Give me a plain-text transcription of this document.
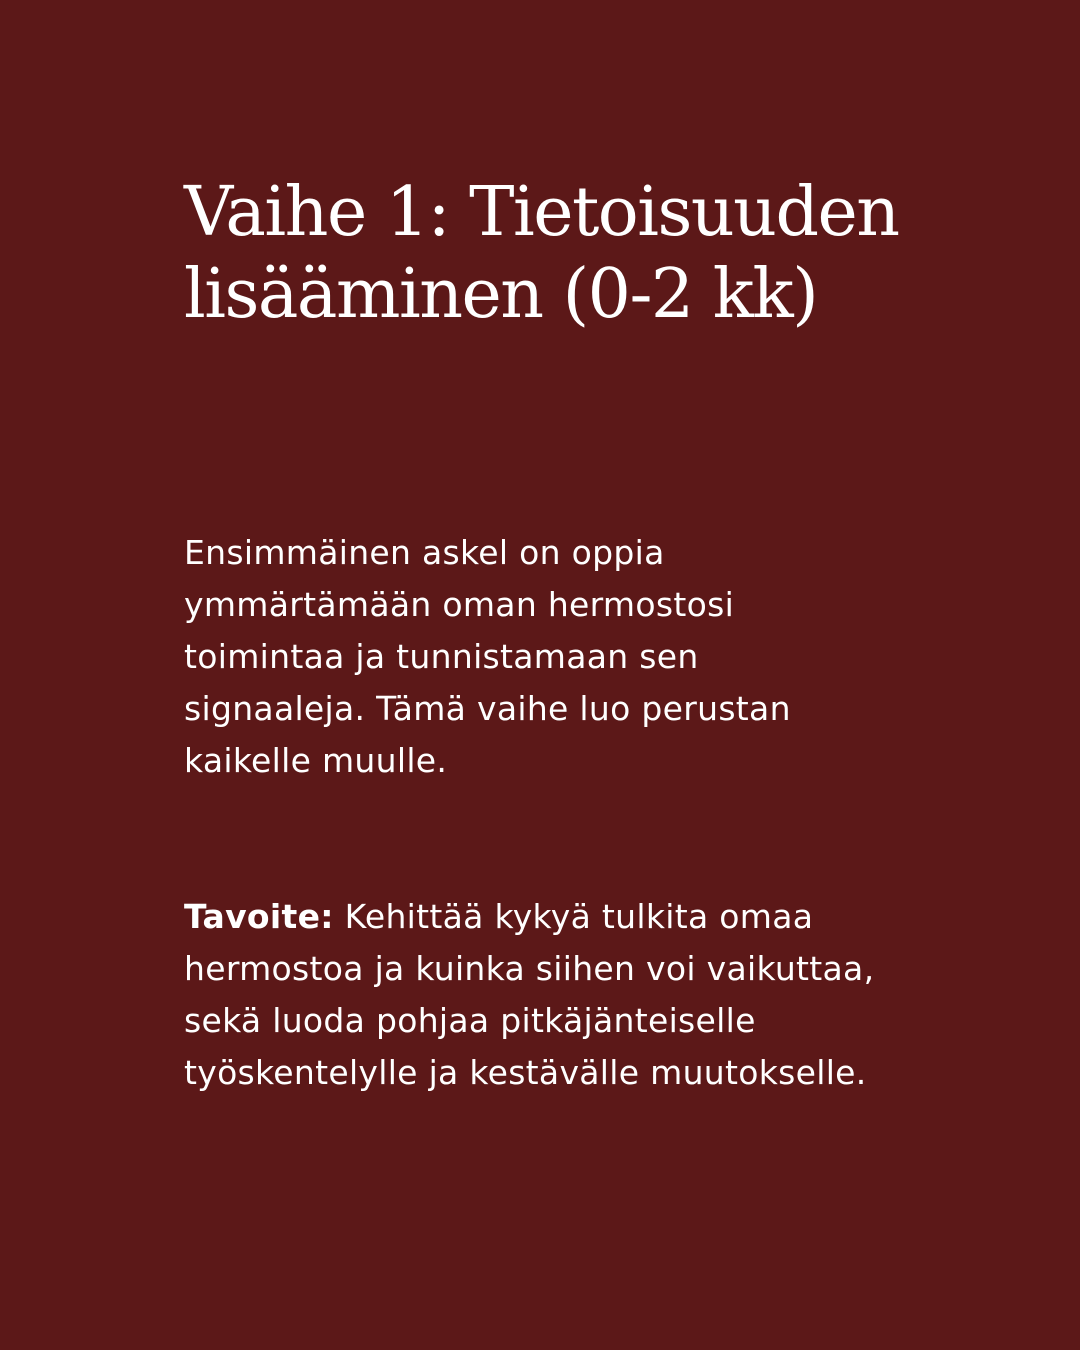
Vaihe 1: Tietoisuuden
lisääminen (0-2 kk)

Ensimmäinen askel on oppia
ymmärtämään oman hermostosi
toimintaa ja tunnistamaan sen
signaaleja. Tämä vaihe luo perustan
kaikelle muulle.

Tavoite: Kehittää kykyä tulkita omaa
hermostoa ja kuinka siihen voi vaikuttaa,
sekä luoda pohjaa pitkäjänteiselle
työskentelylle ja kestävälle muutokselle.
